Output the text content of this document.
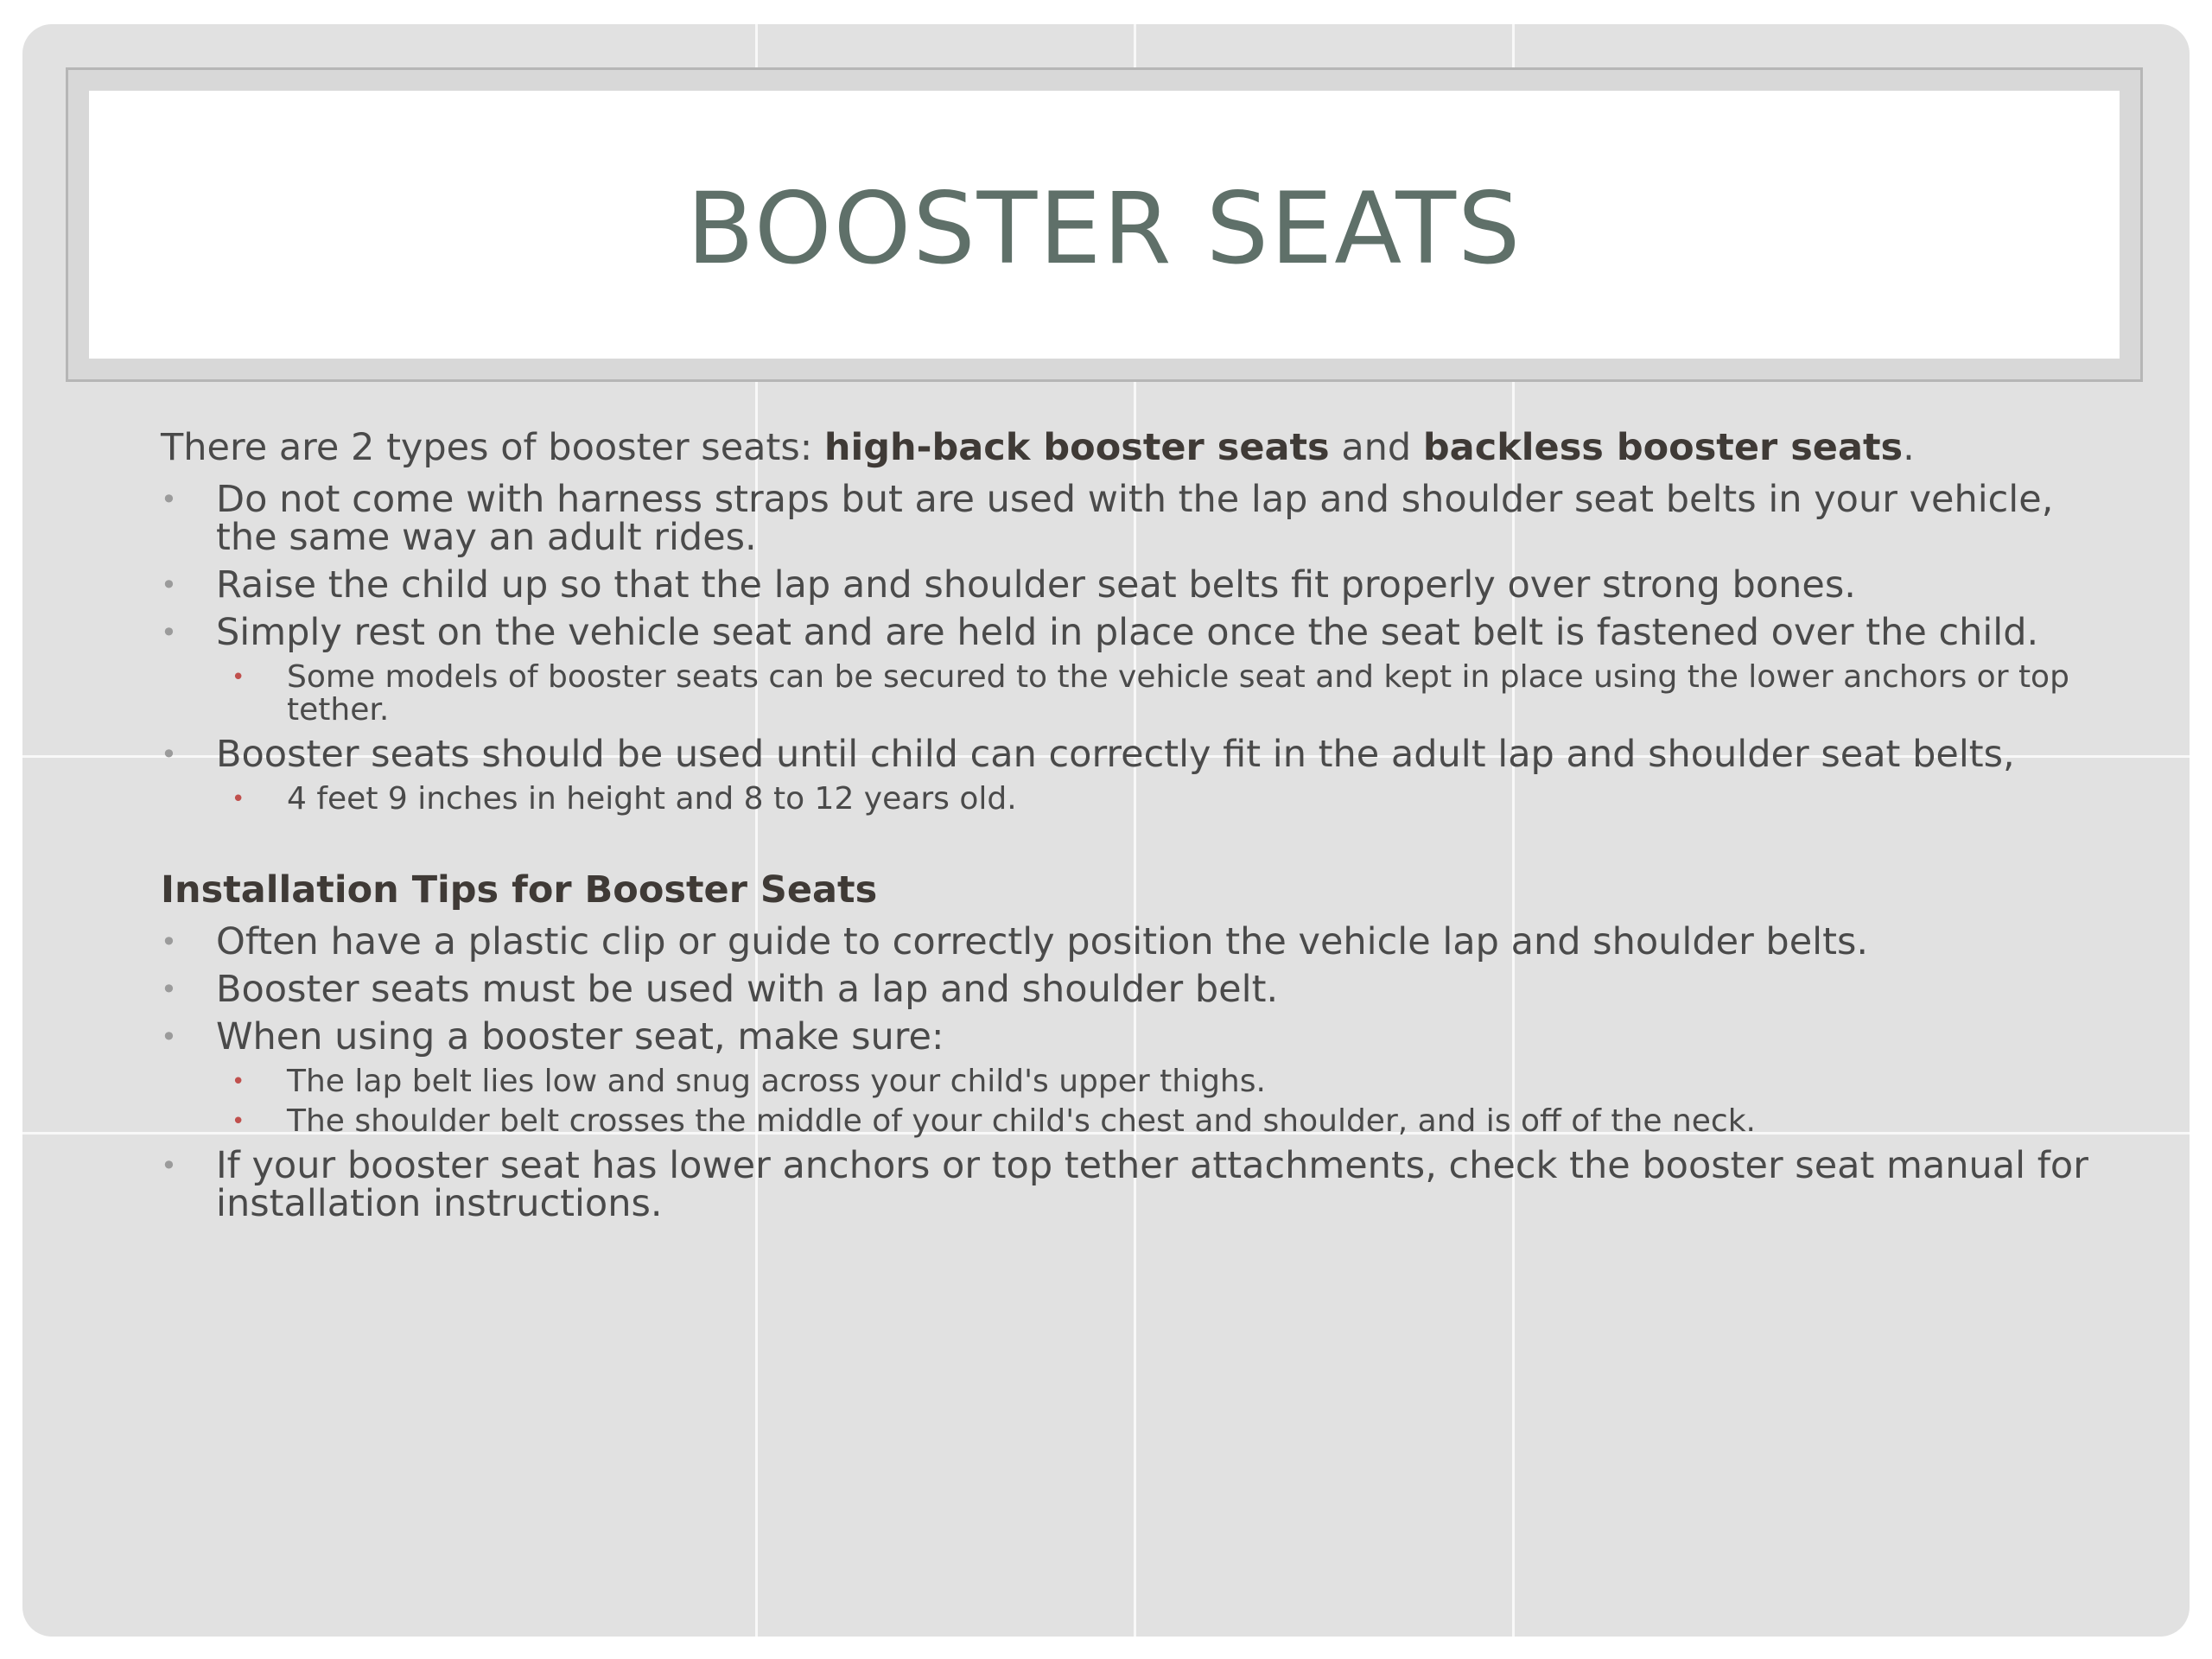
BOOSTER SEATS

There are 2 types of booster seats: high-back booster seats and backless booster seats.

• Do not come with harness straps but are used with the lap and shoulder seat belts in your vehicle, the same way an adult rides.
• Raise the child up so that the lap and shoulder seat belts fit properly over strong bones.
• Simply rest on the vehicle seat and are held in place once the seat belt is fastened over the child.
• Some models of booster seats can be secured to the vehicle seat and kept in place using the lower anchors or top tether.
• Booster seats should be used until child can correctly fit in the adult lap and shoulder seat belts,
• 4 feet 9 inches in height and 8 to 12 years old.

Installation Tips for Booster Seats

• Often have a plastic clip or guide to correctly position the vehicle lap and shoulder belts.
• Booster seats must be used with a lap and shoulder belt.
• When using a booster seat, make sure:
• The lap belt lies low and snug across your child's upper thighs.
• The shoulder belt crosses the middle of your child's chest and shoulder, and is off of the neck.
• If your booster seat has lower anchors or top tether attachments, check the booster seat manual for installation instructions.
